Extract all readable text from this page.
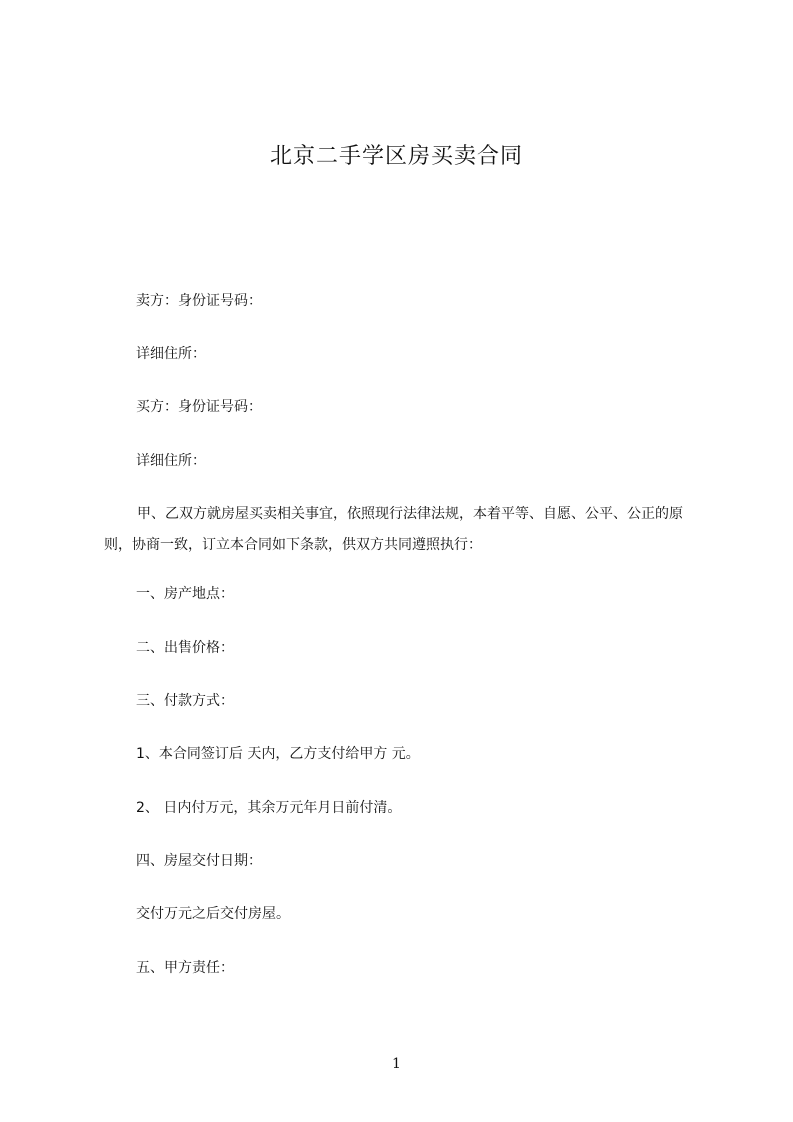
北京二手学区房买卖合同
卖方：身份证号码：
详细住所：
买方：身份证号码：
详细住所：
甲、乙双方就房屋买卖相关事宜，依照现行法律法规，本着平等、自愿、公平、公正的原则，协商一致，订立本合同如下条款，供双方共同遵照执行：
一、房产地点：
二、出售价格：
三、付款方式：
1、本合同签订后 天内，乙方支付给甲方 元。
2、 日内付万元，其余万元年月日前付清。
四、房屋交付日期：
交付万元之后交付房屋。
五、甲方责任：
1
